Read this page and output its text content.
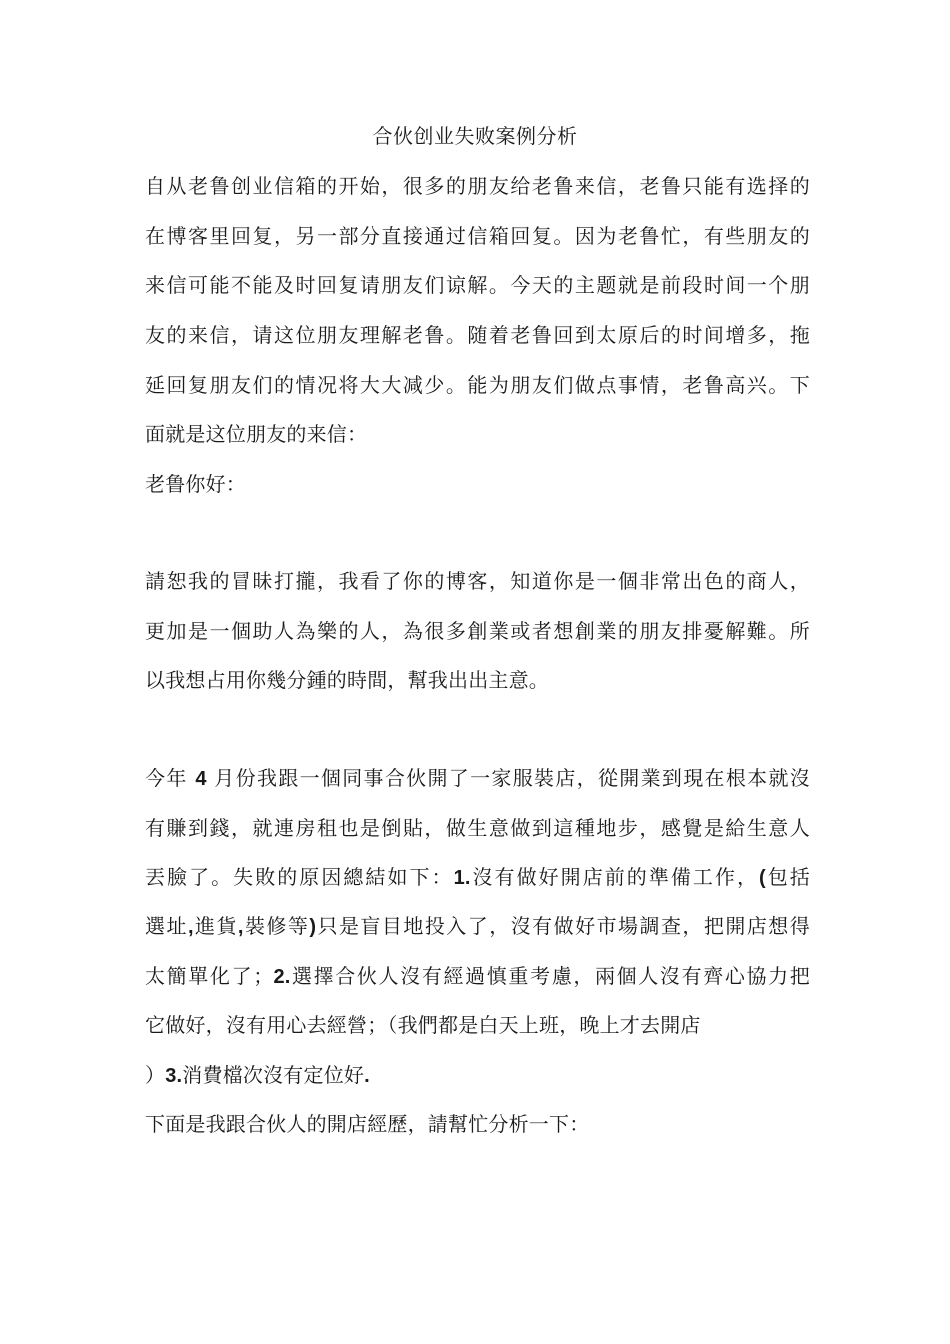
合伙创业失败案例分析
自从老鲁创业信箱的开始，很多的朋友给老鲁来信，老鲁只能有选择的
在博客里回复，另一部分直接通过信箱回复。因为老鲁忙，有些朋友的
来信可能不能及时回复请朋友们谅解。今天的主题就是前段时间一个朋
友的来信，请这位朋友理解老鲁。随着老鲁回到太原后的时间增多，拖
延回复朋友们的情况将大大减少。能为朋友们做点事情，老鲁高兴。下
面就是这位朋友的来信：
老鲁你好：
請恕我的冒昧打攏，我看了你的博客，知道你是一個非常出色的商人，
更加是一個助人為樂的人，為很多創業或者想創業的朋友排憂解難。所
以我想占用你幾分鍾的時間，幫我出出主意。
今年 4 月份我跟一個同事合伙開了一家服裝店，從開業到現在根本就沒
有賺到錢，就連房租也是倒貼，做生意做到這種地步，感覺是給生意人
丟臉了。失敗的原因總結如下：1.沒有做好開店前的準備工作，(包括
選址,進貨,裝修等)只是盲目地投入了，沒有做好市場調查，把開店想得
太簡單化了；2.選擇合伙人沒有經過慎重考慮，兩個人沒有齊心協力把
它做好，沒有用心去經營；（我們都是白天上班，晚上才去開店
）3.消費檔次沒有定位好.
下面是我跟合伙人的開店經歷，請幫忙分析一下：
